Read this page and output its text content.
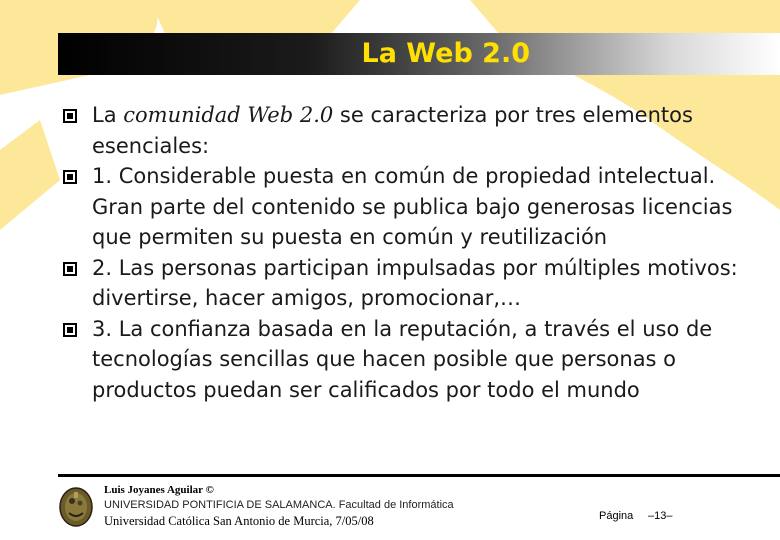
La Web 2.0
La comunidad Web 2.0 se caracteriza por tres elementos esenciales:
1. Considerable puesta en común de propiedad intelectual. Gran parte del contenido se publica bajo generosas licencias que permiten su puesta en común y reutilización
2. Las personas participan impulsadas por múltiples motivos: divertirse, hacer amigos, promocionar,…
3. La confianza basada en la reputación, a través el uso de tecnologías sencillas que hacen posible que personas o productos puedan ser calificados por todo el mundo
Luis Joyanes Aguilar ©
UNIVERSIDAD PONTIFICIA DE SALAMANCA. Facultad de Informática
Universidad Católica San Antonio de Murcia, 7/05/08	Página –13–
